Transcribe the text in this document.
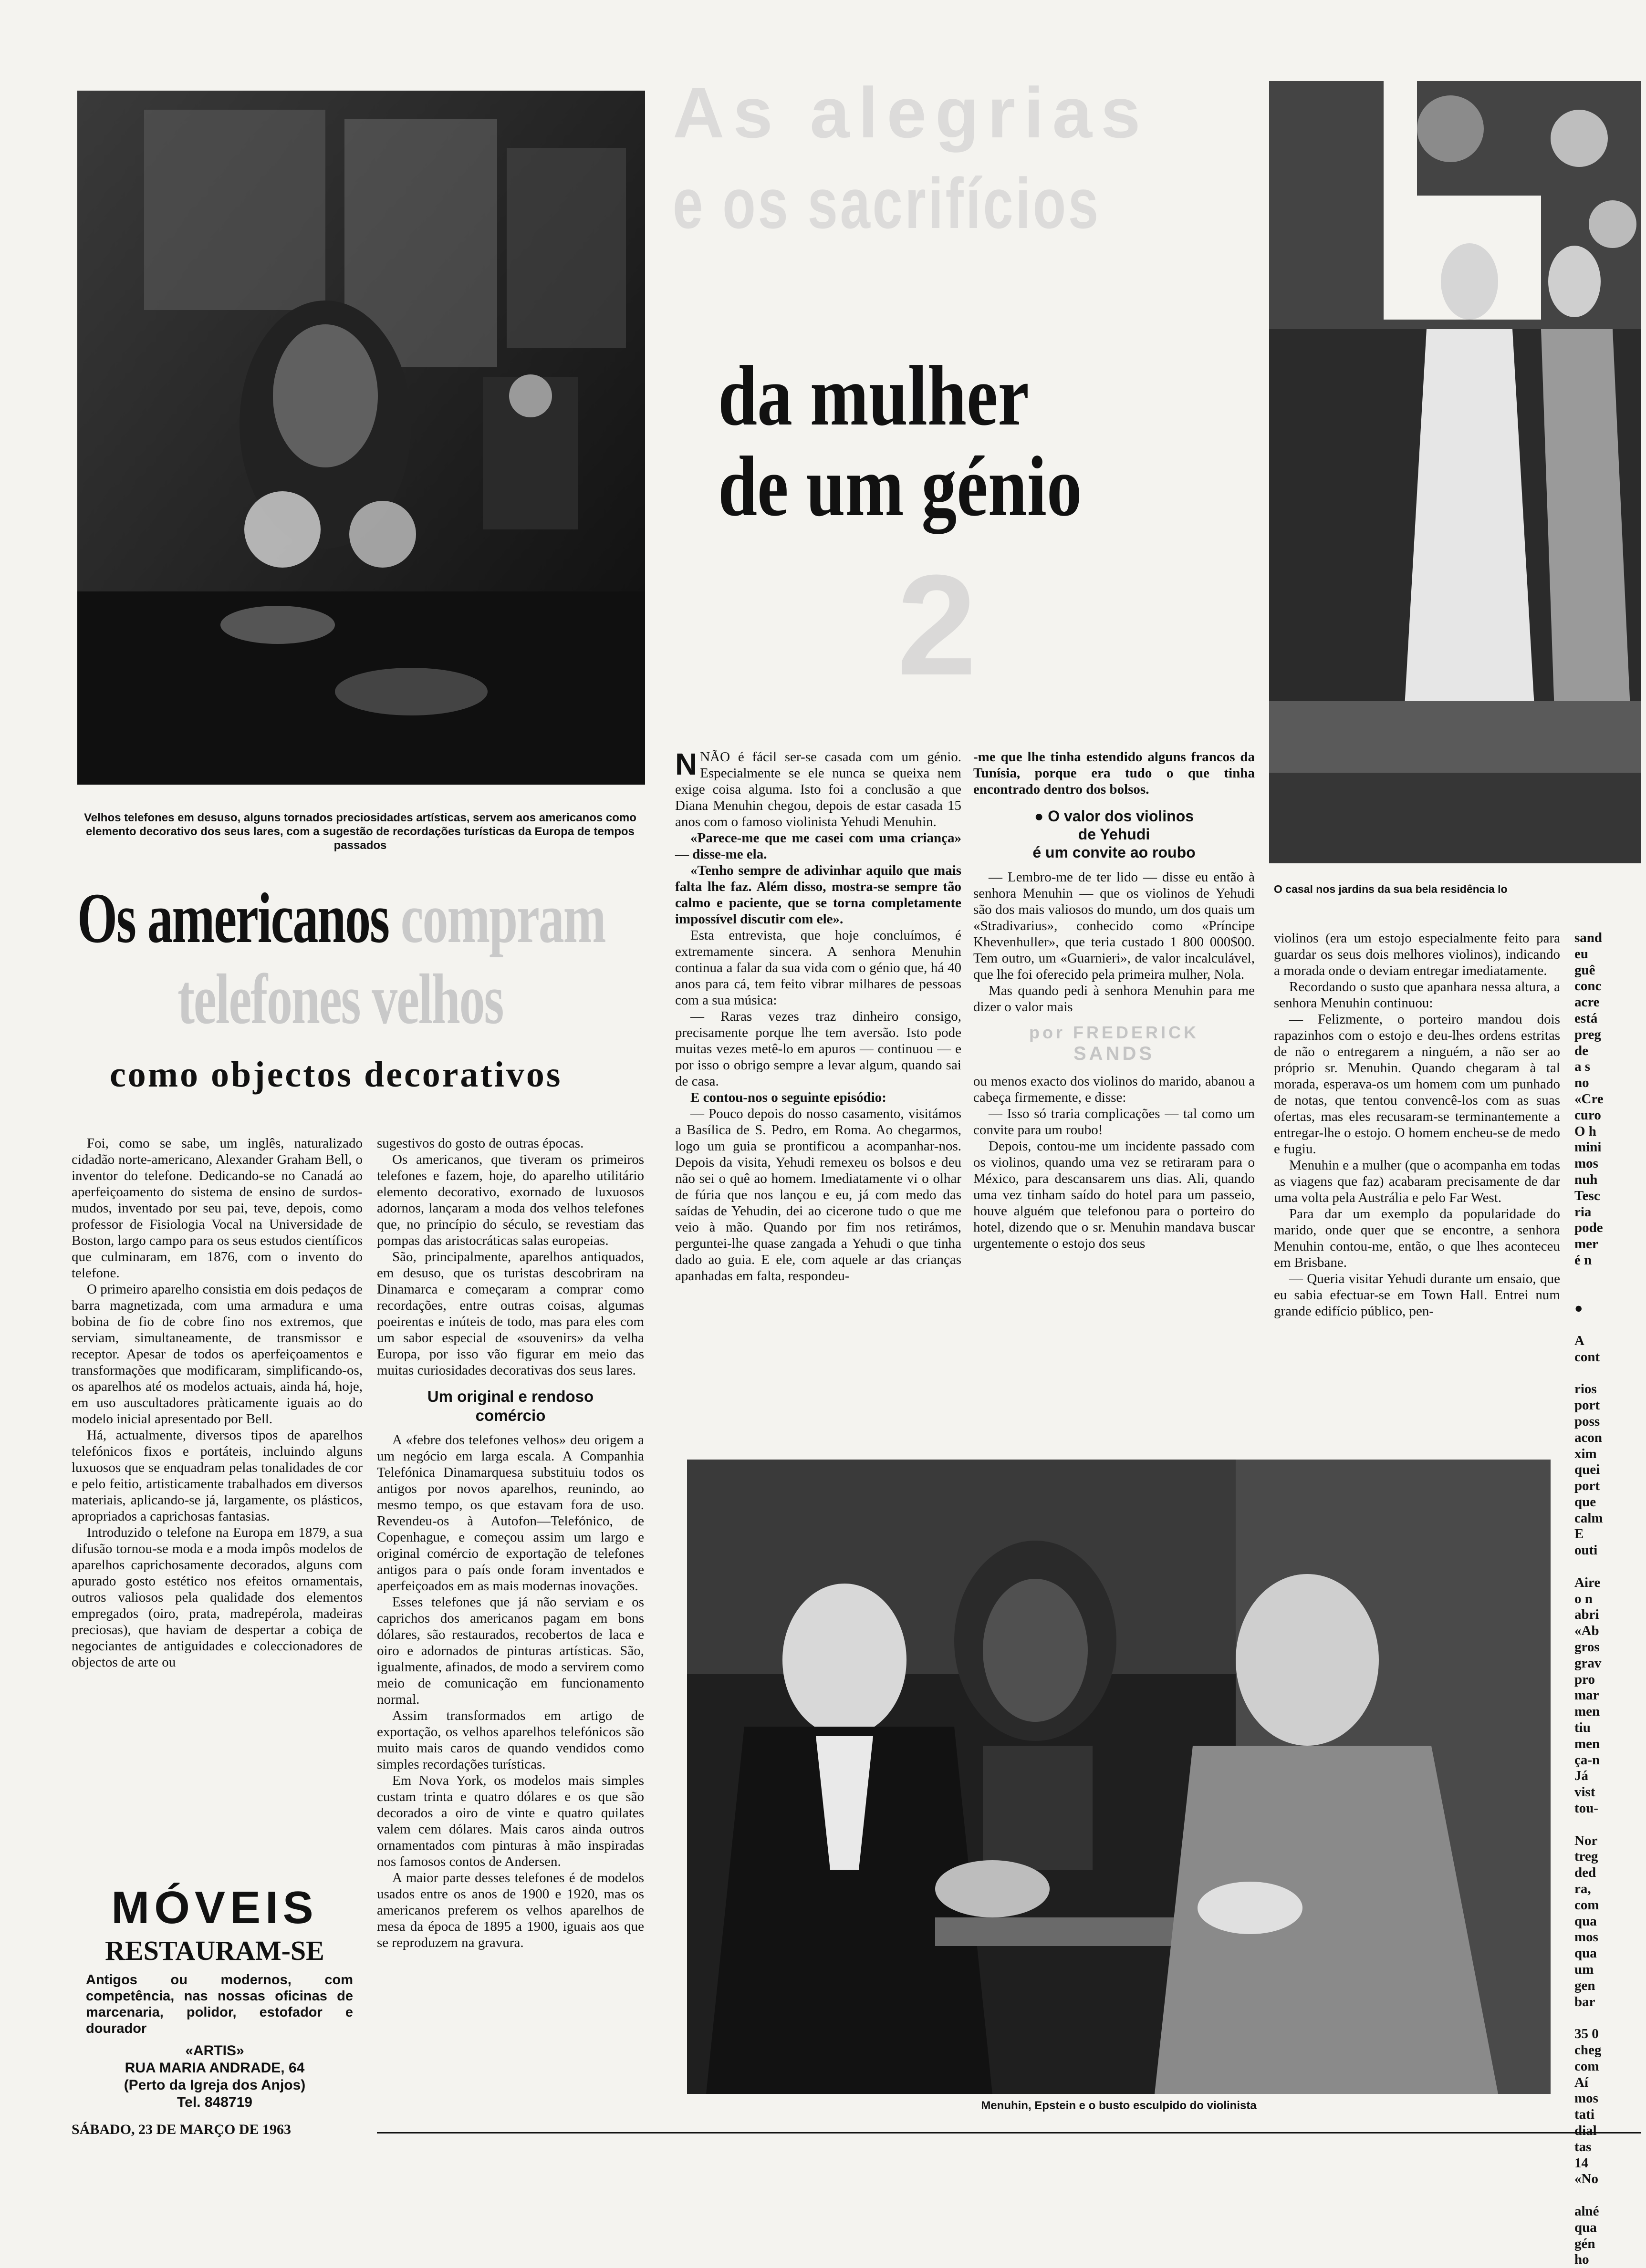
Velhos telefones em desuso, alguns tornados preciosidades artísticas, servem aos americanos como elemento decorativo dos seus lares, com a sugestão de recordações turísticas da Europa de tempos passados
Os americanos compram
telefones velhos
como objectos decorativos

Foi, como se sabe, um inglês, naturalizado cidadão norte-americano, Alexander Graham Bell, o inventor do telefone. Dedicando-se no Canadá ao aperfeiçoamento do sistema de ensino de surdos-mudos, inventado por seu pai, teve, depois, como professor de Fisiologia Vocal na Universidade de Boston, largo campo para os seus estudos científicos que culminaram, em 1876, com o invento do telefone.

O primeiro aparelho consistia em dois pedaços de barra magnetizada, com uma armadura e uma bobina de fio de cobre fino nos extremos, que serviam, simultaneamente, de transmissor e receptor. Apesar de todos os aperfeiçoamentos e transformações que modificaram, simplificando-os, os aparelhos até os modelos actuais, ainda há, hoje, em uso auscultadores pràticamente iguais ao do modelo inicial apresentado por Bell.

Há, actualmente, diversos tipos de aparelhos telefónicos fixos e portáteis, incluindo alguns luxuosos que se enquadram pelas tonalidades de cor e pelo feitio, artisticamente trabalhados em diversos materiais, aplicando-se já, largamente, os plásticos, apropriados a caprichosas fantasias.

Introduzido o telefone na Europa em 1879, a sua difusão tornou-se moda e a moda impôs modelos de aparelhos caprichosamente decorados, alguns com apurado gosto estético nos efeitos ornamentais, outros valiosos pela qualidade dos elementos empregados (oiro, prata, madrepérola, madeiras preciosas), que haviam de despertar a cobiça de negociantes de antiguidades e coleccionadores de objectos de arte ou

MÓVEIS
RESTAURAM-SE
Antigos ou modernos, com competência, nas nossas oficinas de marcenaria, polidor, estofador e dourador
«ARTIS»
RUA MARIA ANDRADE, 64
(Perto da Igreja dos Anjos)
Tel. 848719

sugestivos do gosto de outras épocas.

Os americanos, que tiveram os primeiros telefones e fazem, hoje, do aparelho utilitário elemento decorativo, exornado de luxuosos adornos, lançaram a moda dos velhos telefones que, no princípio do século, se revestiam das pompas das aristocráticas salas europeias.

São, principalmente, aparelhos antiquados, em desuso, que os turistas descobriram na Dinamarca e começaram a comprar como recordações, entre outras coisas, algumas poeirentas e inúteis de todo, mas para eles com um sabor especial de «souvenirs» da velha Europa, por isso vão figurar em meio das muitas curiosidades decorativas dos seus lares.

Um original e rendoso comércio

A «febre dos telefones velhos» deu origem a um negócio em larga escala. A Companhia Telefónica Dinamarquesa substituiu todos os antigos por novos aparelhos, reunindo, ao mesmo tempo, os que estavam fora de uso. Revendeu-os à Autofon—Telefónico, de Copenhague, e começou assim um largo e original comércio de exportação de telefones antigos para o país onde foram inventados e aperfeiçoados em as mais modernas inovações.

Esses telefones que já não serviam e os caprichos dos americanos pagam em bons dólares, são restaurados, recobertos de laca e oiro e adornados de pinturas artísticas. São, igualmente, afinados, de modo a servirem como meio de comunicação em funcionamento normal.

Assim transformados em artigo de exportação, os velhos aparelhos telefónicos são muito mais caros de quando vendidos como simples recordações turísticas.

Em Nova York, os modelos mais simples custam trinta e quatro dólares e os que são decorados a oiro de vinte e quatro quilates valem cem dólares. Mais caros ainda outros ornamentados com pinturas à mão inspiradas nos famosos contos de Andersen.

A maior parte desses telefones é de modelos usados entre os anos de 1900 e 1920, mas os americanos preferem os velhos aparelhos de mesa da época de 1895 a 1900, iguais aos que se reproduzem na gravura.

SÁBADO, 23 DE MARÇO DE 1963
As alegrias
e os sacrifícios
da mulher
de um génio
2
O casal nos jardins da sua bela residência lo

NNÃO é fácil ser-se casada com um génio. Especialmente se ele nunca se queixa nem exige coisa alguma. Isto foi a conclusão a que Diana Menuhin chegou, depois de estar casada 15 anos com o famoso violinista Yehudi Menuhin.

«Parece-me que me casei com uma criança» — disse-me ela.

«Tenho sempre de adivinhar aquilo que mais falta lhe faz. Além disso, mostra-se sempre tão calmo e paciente, que se torna completamente impossível discutir com ele».

Esta entrevista, que hoje concluímos, é extremamente sincera. A senhora Menuhin continua a falar da sua vida com o génio que, há 40 anos para cá, tem feito vibrar milhares de pessoas com a sua música:

— Raras vezes traz dinheiro consigo, precisamente porque lhe tem aversão. Isto pode muitas vezes metê-lo em apuros — continuou — e por isso o obrigo sempre a levar algum, quando sai de casa.

E contou-nos o seguinte episódio:

— Pouco depois do nosso casamento, visitámos a Basílica de S. Pedro, em Roma. Ao chegarmos, logo um guia se prontificou a acompanhar-nos. Depois da visita, Yehudi remexeu os bolsos e deu não sei o quê ao homem. Imediatamente vi o olhar de fúria que nos lançou e eu, já com medo das saídas de Yehudin, dei ao cicerone tudo o que me veio à mão. Quando por fim nos retirámos, perguntei-lhe quase zangada a Yehudi o que tinha dado ao guia. E ele, com aquele ar das crianças apanhadas em falta, respondeu-

-me que lhe tinha estendido alguns francos da Tunísia, porque era tudo o que tinha encontrado dentro dos bolsos.

● O valor dos violinos
de Yehudi
é um convite ao roubo

— Lembro-me de ter lido — disse eu então à senhora Menuhin — que os violinos de Yehudi são dos mais valiosos do mundo, um dos quais um «Stradivarius», conhecido como «Príncipe Khevenhuller», que teria custado 1 800 000$00. Tem outro, um «Guarnieri», de valor incalculável, que lhe foi oferecido pela primeira mulher, Nola.

Mas quando pedi à senhora Menuhin para me dizer o valor mais

por FREDERICK
SANDS

ou menos exacto dos violinos do marido, abanou a cabeça firmemente, e disse:

— Isso só traria complicações — tal como um convite para um roubo!

Depois, contou-me um incidente passado com os violinos, quando uma vez se retiraram para o México, para descansarem uns dias. Ali, quando uma vez tinham saído do hotel para um passeio, houve alguém que telefonou para o porteiro do hotel, dizendo que o sr. Menuhin mandava buscar urgentemente o estojo dos seus

violinos (era um estojo especialmente feito para guardar os seus dois melhores violinos), indicando a morada onde o deviam entregar imediatamente.

Recordando o susto que apanhara nessa altura, a senhora Menuhin continuou:

— Felizmente, o porteiro mandou dois rapazinhos com o estojo e deu-lhes ordens estritas de não o entregarem a ninguém, a não ser ao próprio sr. Menuhin. Quando chegaram à tal morada, esperava-os um homem com um punhado de notas, que tentou convencê-los com as suas ofertas, mas eles recusaram-se terminantemente a entregar-lhe o estojo. O homem encheu-se de medo e fugiu.

Menuhin e a mulher (que o acompanha em todas as viagens que faz) acabaram precisamente de dar uma volta pela Austrália e pelo Far West.

Para dar um exemplo da popularidade do marido, onde quer que se encontre, a senhora Menuhin contou-me, então, o que lhes aconteceu em Brisbane.

— Queria visitar Yehudi durante um ensaio, que eu sabia efectuar-se em Town Hall. Entrei num grande edifício público, pen-

sand
eu
guê
conc
acre
está
preg
de
a s
no
«Cre
curo
O h
mini
mos
nuh
Tesc
ria
pode
mer
é n

●

A
cont

rios
port
poss
acon
xim
quei
port
que
calm
E
outi

Aire
o n
abri
«Ab
gros
grav
pro
mar
men
tiu
men
ça-n
Já
vist
tou-

Nor
treg
ded
ra,
com
qua
mos
qua
um
gen
bar

35 0
cheg
com
Aí
mos
tati
dial
tas
14
«No

alné
qua
gén
ho
Menuhin, Epstein e o busto esculpido do violinista
